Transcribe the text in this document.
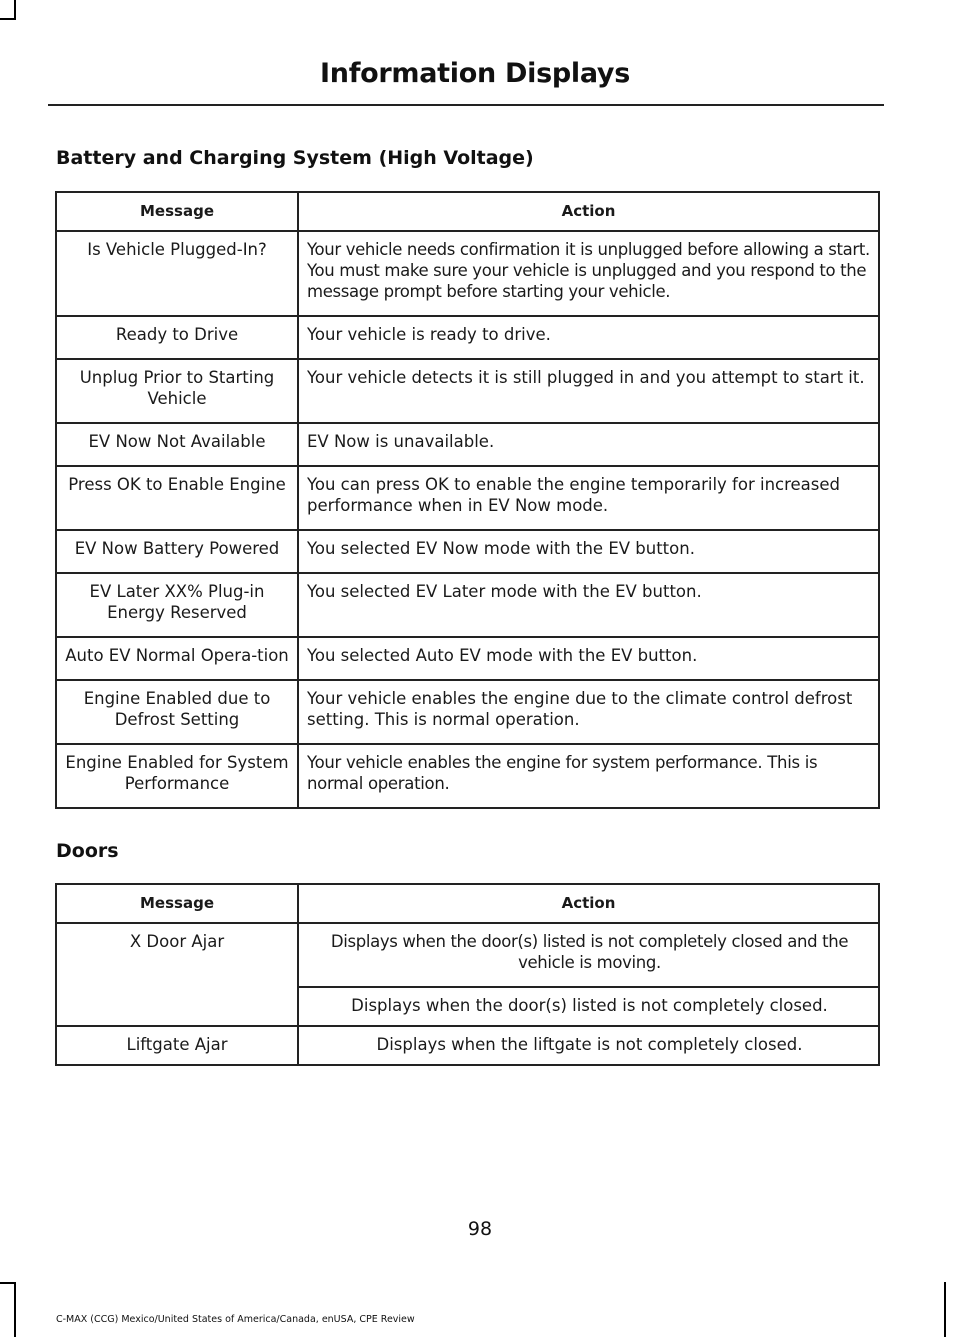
Information Displays
Battery and Charging System (High Voltage)
Message	Action
Is Vehicle Plugged-In?	Your vehicle needs confirmation it is unplugged before allowing a start. You must make sure your vehicle is unplugged and you respond to the message prompt before starting your vehicle.
Ready to Drive	Your vehicle is ready to drive.
Unplug Prior to Starting Vehicle	Your vehicle detects it is still plugged in and you attempt to start it.
EV Now Not Available	EV Now is unavailable.
Press OK to Enable Engine	You can press OK to enable the engine temporarily for increased performance when in EV Now mode.
EV Now Battery Powered	You selected EV Now mode with the EV button.
EV Later XX% Plug-in Energy Reserved	You selected EV Later mode with the EV button.
Auto EV Normal Opera-tion	You selected Auto EV mode with the EV button.
Engine Enabled due to Defrost Setting	Your vehicle enables the engine due to the climate control defrost setting. This is normal operation.
Engine Enabled for System Performance	Your vehicle enables the engine for system performance. This is normal operation.
Doors
Message	Action
X Door Ajar	Displays when the door(s) listed is not completely closed and the vehicle is moving.
	Displays when the door(s) listed is not completely closed.
Liftgate Ajar	Displays when the liftgate is not completely closed.
98
C-MAX (CCG) Mexico/United States of America/Canada, enUSA, CPE Review
